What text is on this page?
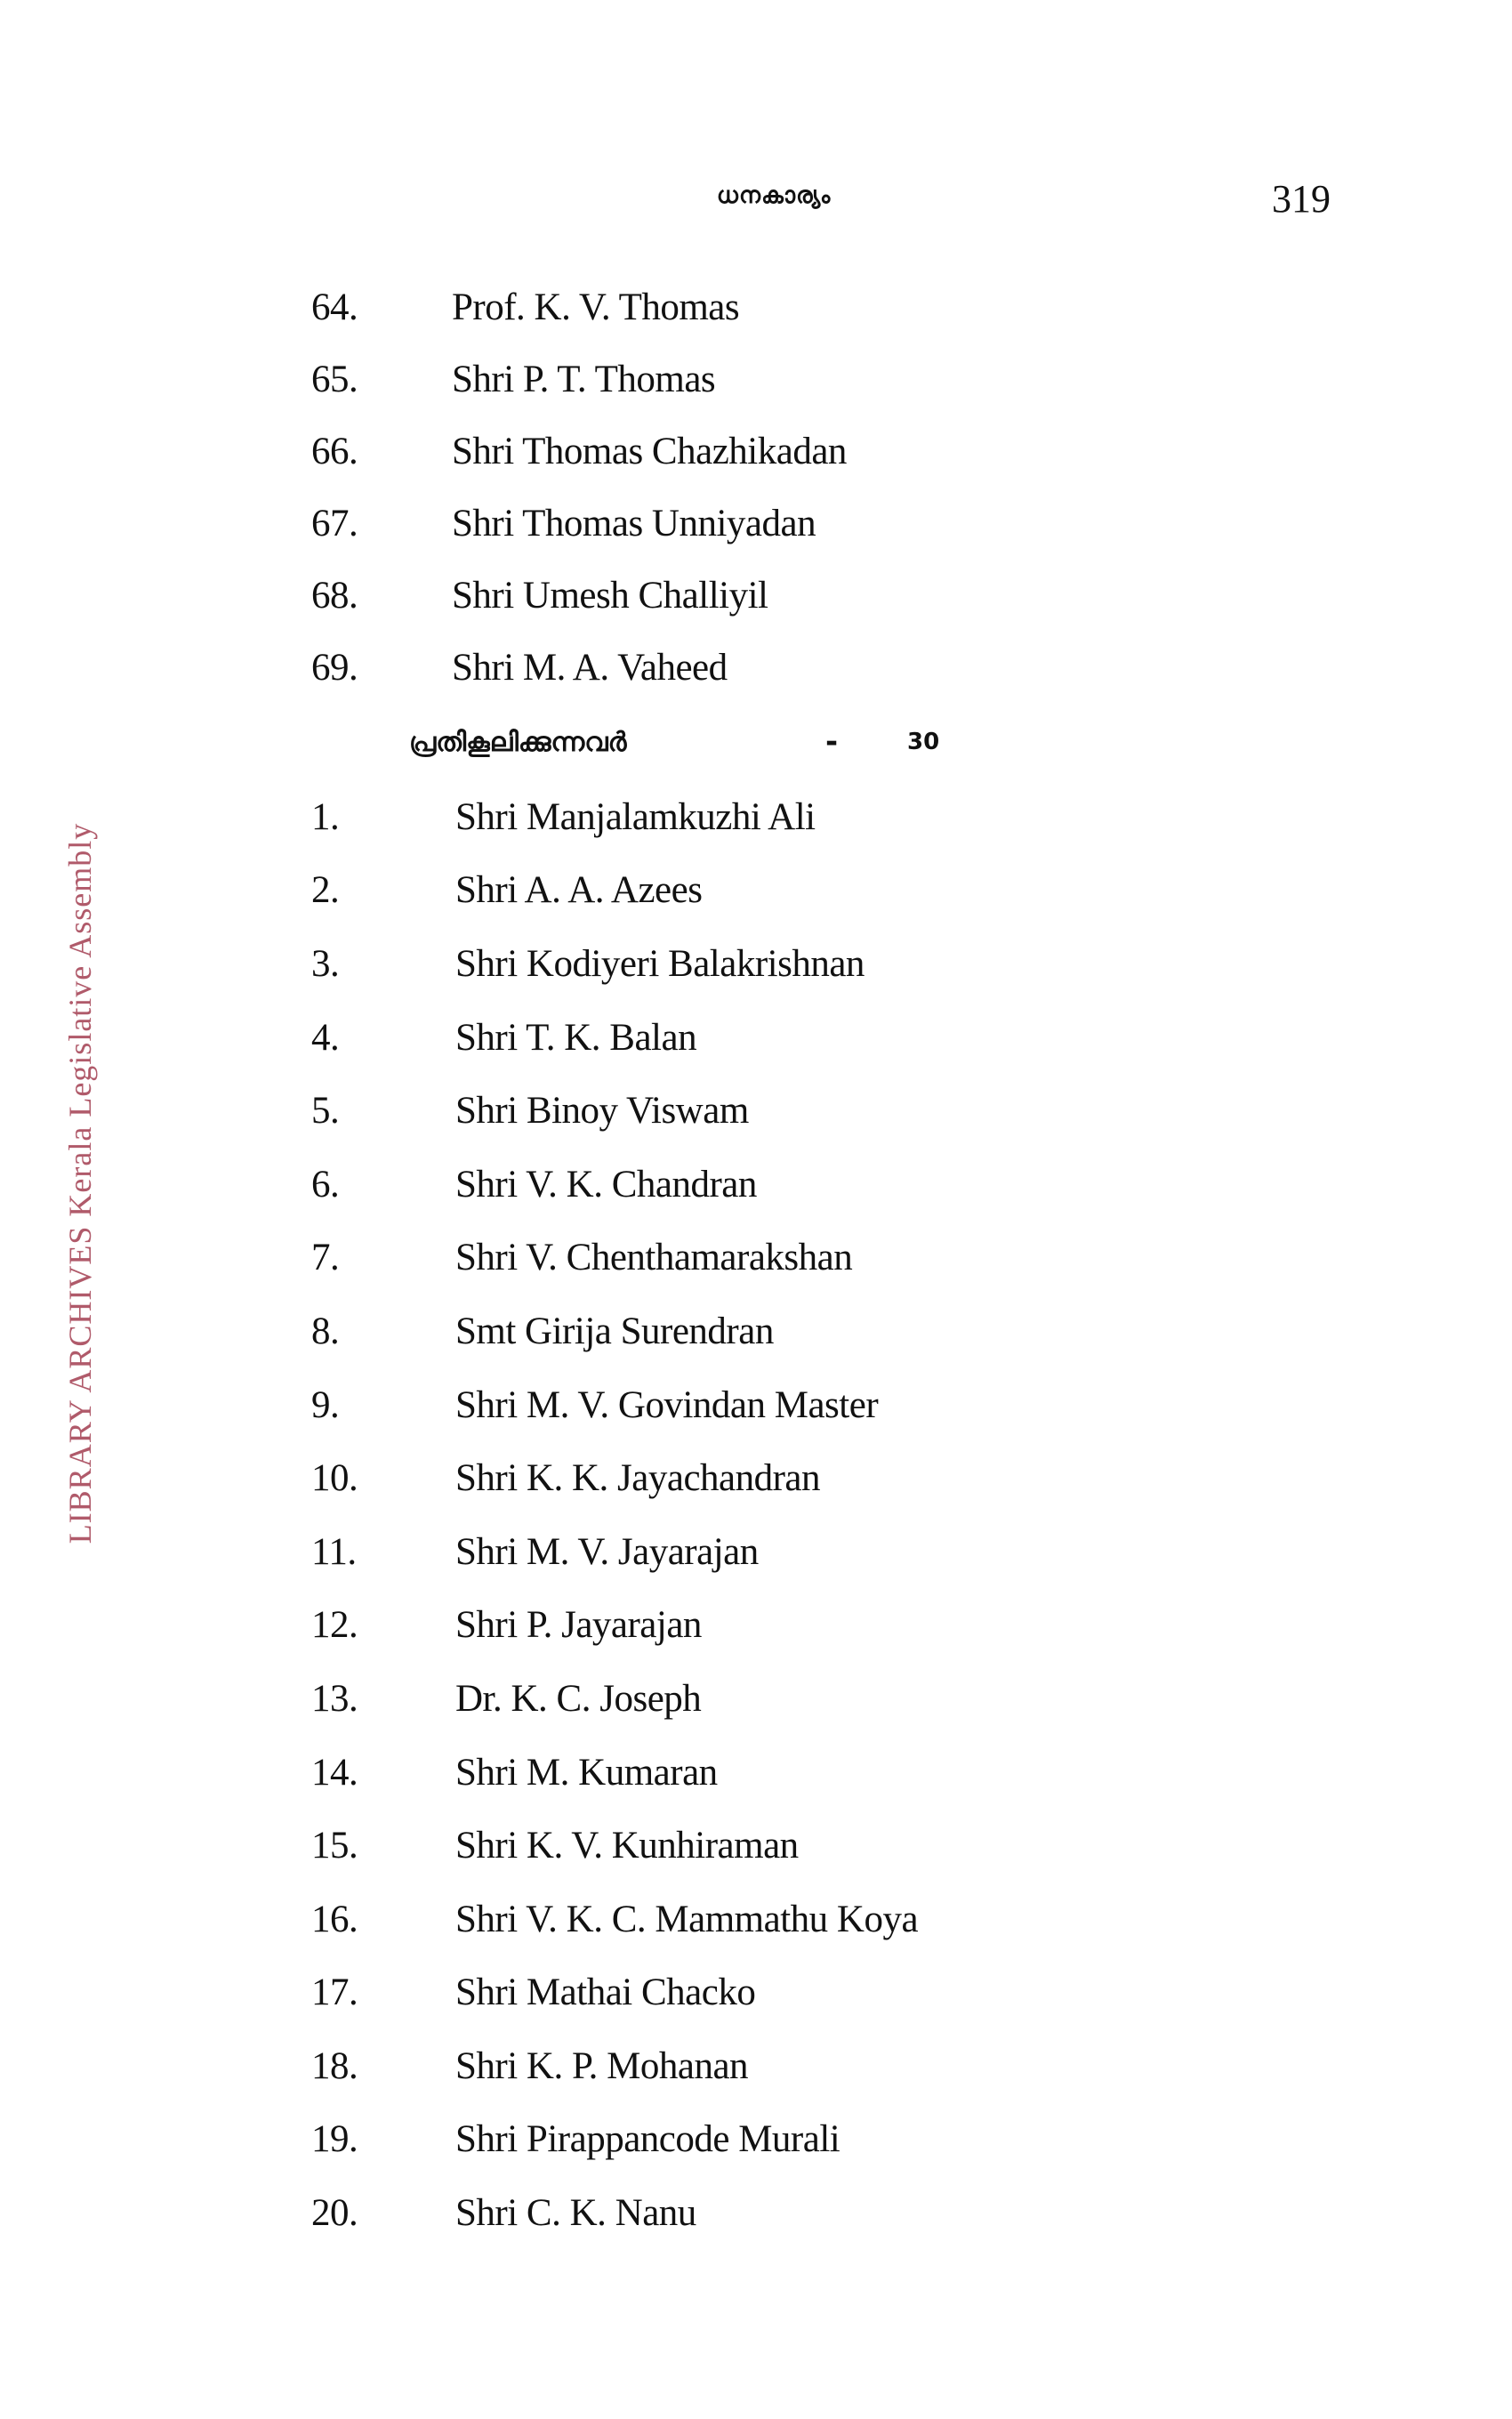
ധനകാര്യം	319
LIBRARY ARCHIVES Kerala Legislative Assembly
64.	Prof. K. V. Thomas
65.	Shri P. T. Thomas
66.	Shri Thomas Chazhikadan
67.	Shri Thomas Unniyadan
68.	Shri Umesh Challiyil
69.	Shri M. A. Vaheed
പ്രതികൂലിക്കുന്നവർ	-	30
1.	Shri Manjalamkuzhi Ali
2.	Shri A. A. Azees
3.	Shri Kodiyeri Balakrishnan
4.	Shri T. K. Balan
5.	Shri Binoy Viswam
6.	Shri V. K. Chandran
7.	Shri V. Chenthamarakshan
8.	Smt Girija Surendran
9.	Shri M. V. Govindan Master
10.	Shri K. K. Jayachandran
11.	Shri M. V. Jayarajan
12.	Shri P. Jayarajan
13.	Dr. K. C. Joseph
14.	Shri M. Kumaran
15.	Shri K. V. Kunhiraman
16.	Shri V. K. C. Mammathu Koya
17.	Shri Mathai Chacko
18.	Shri K. P. Mohanan
19.	Shri Pirappancode Murali
20.	Shri C. K. Nanu
